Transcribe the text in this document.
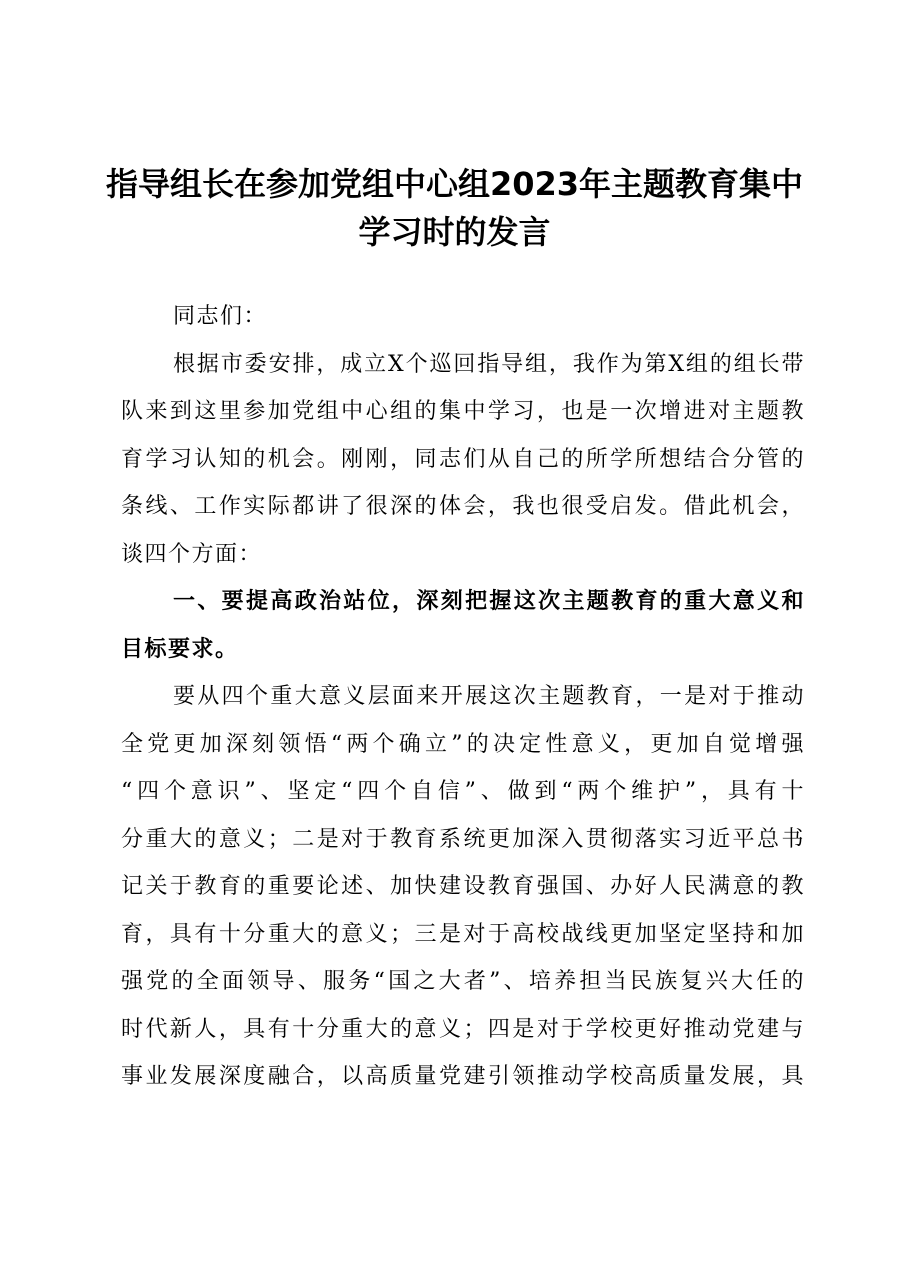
指导组长在参加党组中心组2023年主题教育集中
学习时的发言
同志们：
根据市委安排，成立X个巡回指导组，我作为第X组的组长带
队来到这里参加党组中心组的集中学习，也是一次增进对主题教
育学习认知的机会。刚刚，同志们从自己的所学所想结合分管的
条线、工作实际都讲了很深的体会，我也很受启发。借此机会，
谈四个方面：
一、要提高政治站位，深刻把握这次主题教育的重大意义和
目标要求。
要从四个重大意义层面来开展这次主题教育，一是对于推动
全党更加深刻领悟“两个确立”的决定性意义，更加自觉增强
“四个意识”、坚定“四个自信”、做到“两个维护”，具有十
分重大的意义；二是对于教育系统更加深入贯彻落实习近平总书
记关于教育的重要论述、加快建设教育强国、办好人民满意的教
育，具有十分重大的意义；三是对于高校战线更加坚定坚持和加
强党的全面领导、服务“国之大者”、培养担当民族复兴大任的
时代新人，具有十分重大的意义；四是对于学校更好推动党建与
事业发展深度融合，以高质量党建引领推动学校高质量发展，具
